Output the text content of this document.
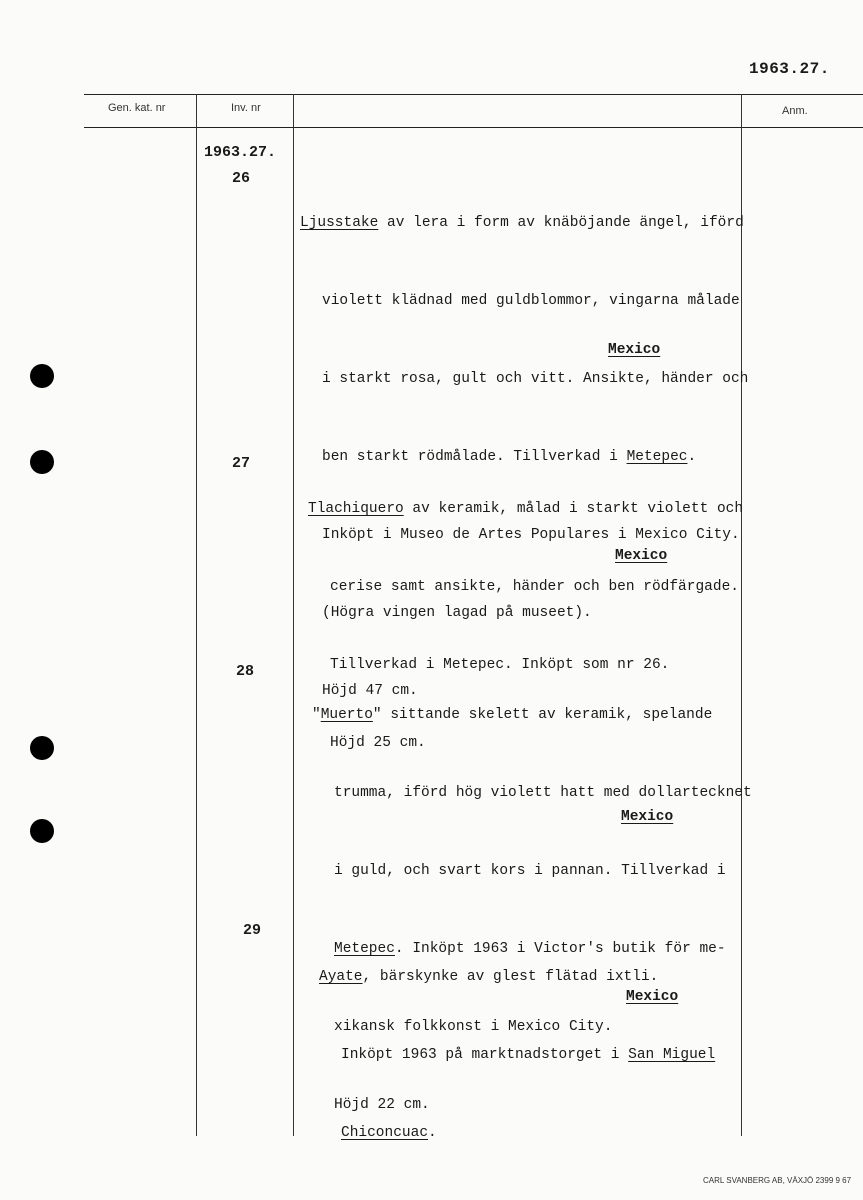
1963.27.
Gen. kat. nr	Inv. nr	Anm.
1963.27.
26

Ljusstake av lera i form av knäböjande ängel, iförd

violett klädnad med guldblommor, vingarna målade

i starkt rosa, gult och vitt. Ansikte, händer och

ben starkt rödmålade. Tillverkad i Metepec.

Inköpt i Museo de Artes Populares i Mexico City.

(Högra vingen lagad på museet).

Höjd 47 cm.

Mexico
27

Tlachiquero av keramik, målad i starkt violett och

cerise samt ansikte, händer och ben rödfärgade.

Tillverkad i Metepec. Inköpt som nr 26.

Höjd 25 cm.

Mexico
28

"Muerto" sittande skelett av keramik, spelande

trumma, iförd hög violett hatt med dollartecknet

i guld, och svart kors i pannan. Tillverkad i

Metepec. Inköpt 1963 i Victor's butik för me-

xikansk folkkonst i Mexico City.

Höjd 22 cm.

Mexico
29

Ayate, bärskynke av glest flätad ixtli.

Inköpt 1963 på marktnadstorget i San Miguel

Chiconcuac.

Mexico
CARL SVANBERG AB, VÄXJÖ 2399 9 67
